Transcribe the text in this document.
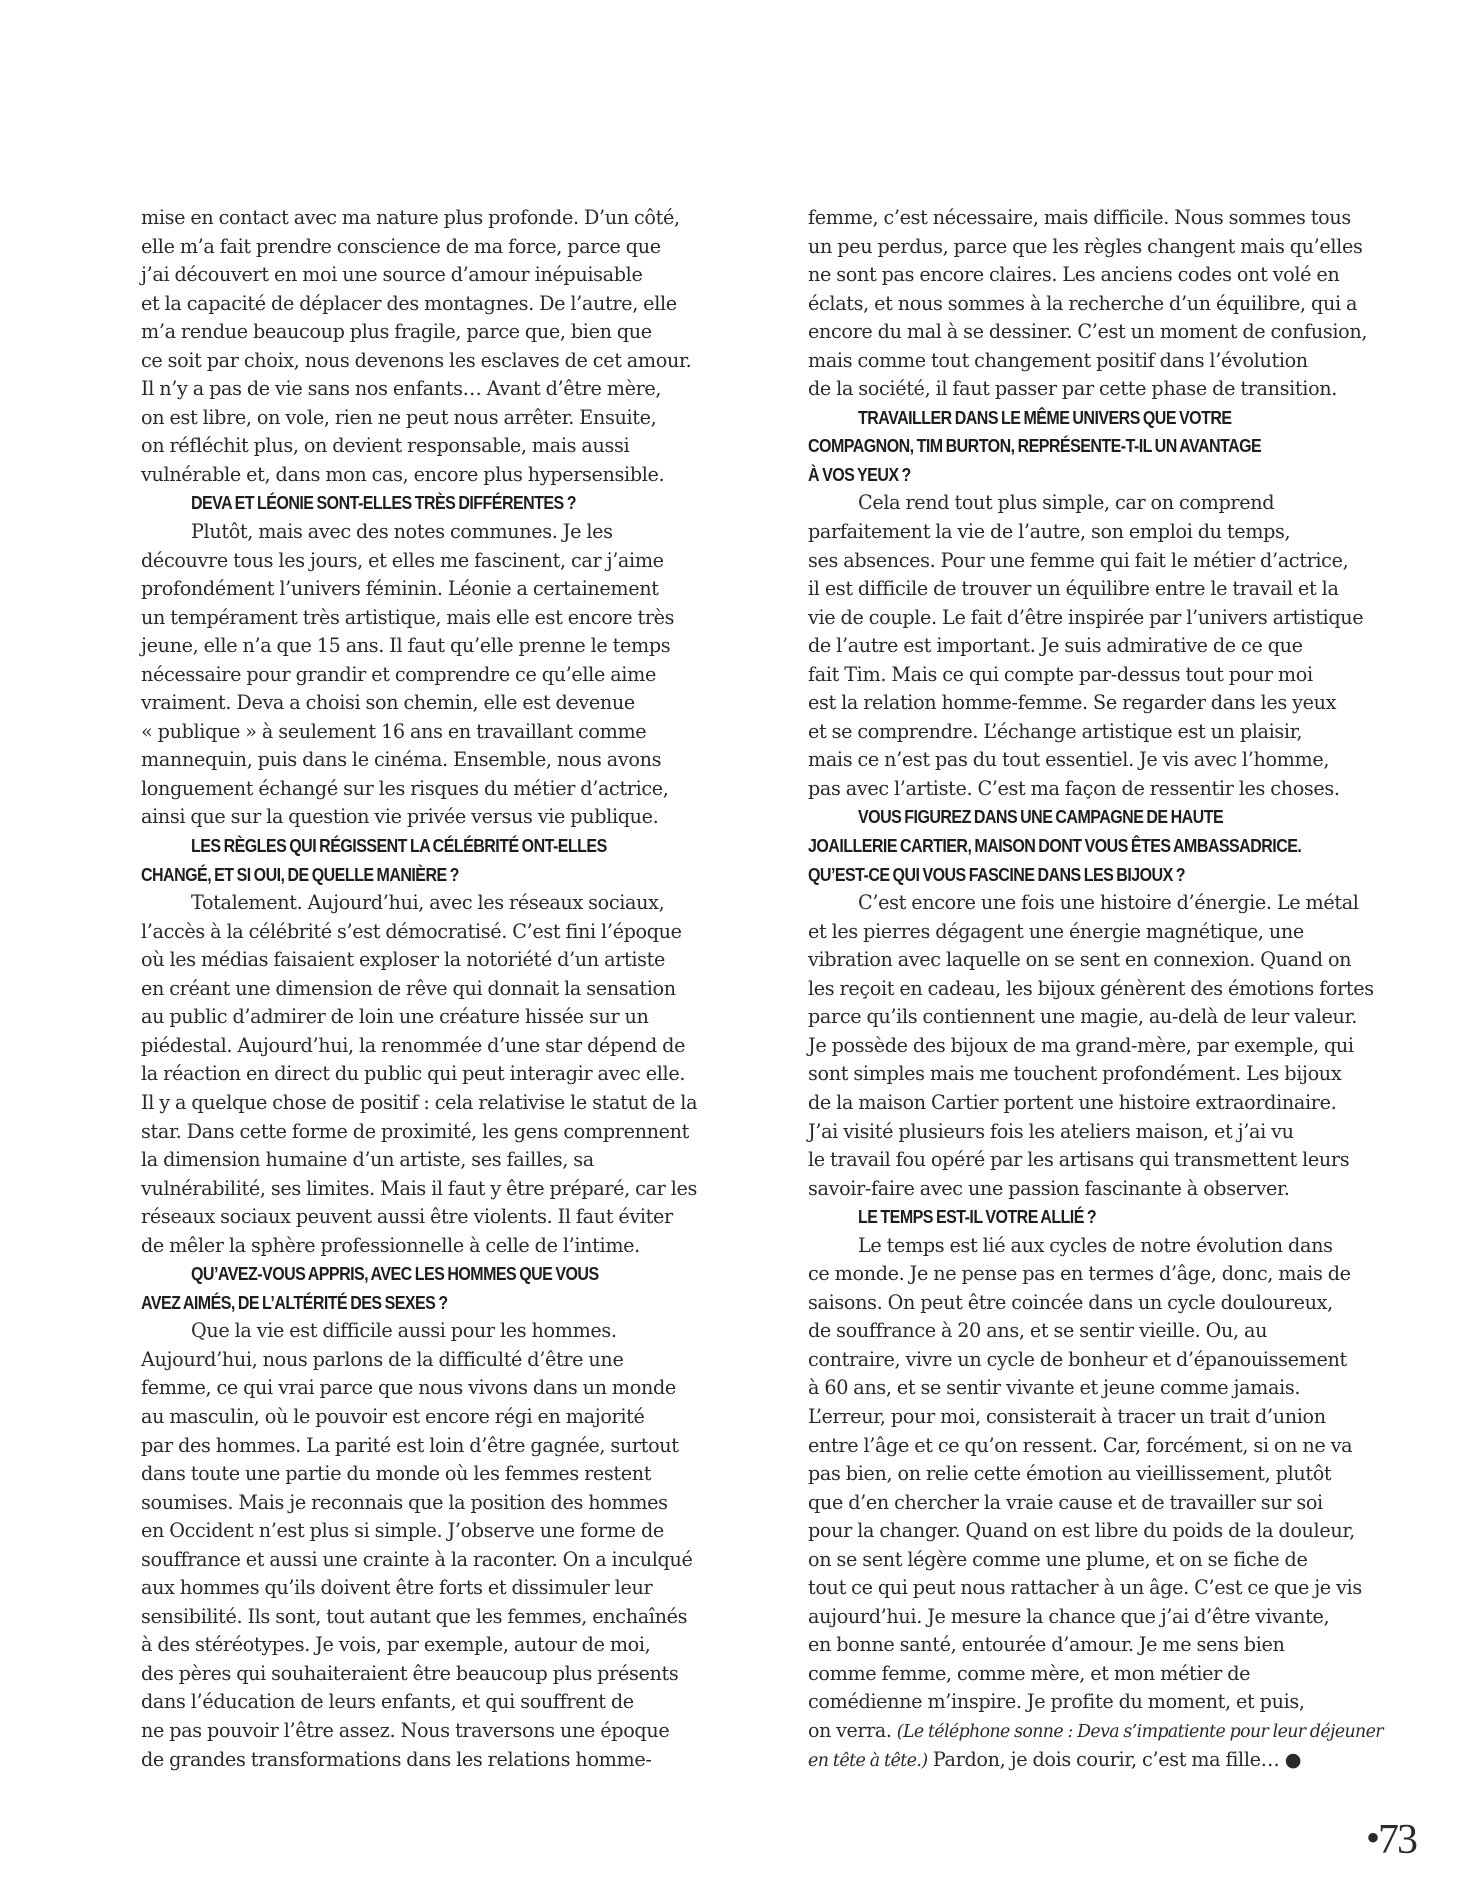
mise en contact avec ma nature plus profonde. D’un côté,
elle m’a fait prendre conscience de ma force, parce que
j’ai découvert en moi une source d’amour inépuisable
et la capacité de déplacer des montagnes. De l’autre, elle
m’a rendue beaucoup plus fragile, parce que, bien que
ce soit par choix, nous devenons les esclaves de cet amour.
Il n’y a pas de vie sans nos enfants… Avant d’être mère,
on est libre, on vole, rien ne peut nous arrêter. Ensuite,
on réfléchit plus, on devient responsable, mais aussi
vulnérable et, dans mon cas, encore plus hypersensible.
DEVA ET LÉONIE SONT-ELLES TRÈS DIFFÉRENTES ?
Plutôt, mais avec des notes communes. Je les
découvre tous les jours, et elles me fascinent, car j’aime
profondément l’univers féminin. Léonie a certainement
un tempérament très artistique, mais elle est encore très
jeune, elle n’a que 15 ans. Il faut qu’elle prenne le temps
nécessaire pour grandir et comprendre ce qu’elle aime
vraiment. Deva a choisi son chemin, elle est devenue
« publique » à seulement 16 ans en travaillant comme
mannequin, puis dans le cinéma. Ensemble, nous avons
longuement échangé sur les risques du métier d’actrice,
ainsi que sur la question vie privée versus vie publique.
LES RÈGLES QUI RÉGISSENT LA CÉLÉBRITÉ ONT-ELLES
CHANGÉ, ET SI OUI, DE QUELLE MANIÈRE ?
Totalement. Aujourd’hui, avec les réseaux sociaux,
l’accès à la célébrité s’est démocratisé. C’est fini l’époque
où les médias faisaient exploser la notoriété d’un artiste
en créant une dimension de rêve qui donnait la sensation
au public d’admirer de loin une créature hissée sur un
piédestal. Aujourd’hui, la renommée d’une star dépend de
la réaction en direct du public qui peut interagir avec elle.
Il y a quelque chose de positif : cela relativise le statut de la
star. Dans cette forme de proximité, les gens comprennent
la dimension humaine d’un artiste, ses failles, sa
vulnérabilité, ses limites. Mais il faut y être préparé, car les
réseaux sociaux peuvent aussi être violents. Il faut éviter
de mêler la sphère professionnelle à celle de l’intime.
QU’AVEZ-VOUS APPRIS, AVEC LES HOMMES QUE VOUS
AVEZ AIMÉS, DE L’ALTÉRITÉ DES SEXES ?
Que la vie est difficile aussi pour les hommes.
Aujourd’hui, nous parlons de la difficulté d’être une
femme, ce qui vrai parce que nous vivons dans un monde
au masculin, où le pouvoir est encore régi en majorité
par des hommes. La parité est loin d’être gagnée, surtout
dans toute une partie du monde où les femmes restent
soumises. Mais je reconnais que la position des hommes
en Occident n’est plus si simple. J’observe une forme de
souffrance et aussi une crainte à la raconter. On a inculqué
aux hommes qu’ils doivent être forts et dissimuler leur
sensibilité. Ils sont, tout autant que les femmes, enchaînés
à des stéréotypes. Je vois, par exemple, autour de moi,
des pères qui souhaiteraient être beaucoup plus présents
dans l’éducation de leurs enfants, et qui souffrent de
ne pas pouvoir l’être assez. Nous traversons une époque
de grandes transformations dans les relations homme-
femme, c’est nécessaire, mais difficile. Nous sommes tous
un peu perdus, parce que les règles changent mais qu’elles
ne sont pas encore claires. Les anciens codes ont volé en
éclats, et nous sommes à la recherche d’un équilibre, qui a
encore du mal à se dessiner. C’est un moment de confusion,
mais comme tout changement positif dans l’évolution
de la société, il faut passer par cette phase de transition.
TRAVAILLER DANS LE MÊME UNIVERS QUE VOTRE
COMPAGNON, TIM BURTON, REPRÉSENTE-T-IL UN AVANTAGE
À VOS YEUX ?
Cela rend tout plus simple, car on comprend
parfaitement la vie de l’autre, son emploi du temps,
ses absences. Pour une femme qui fait le métier d’actrice,
il est difficile de trouver un équilibre entre le travail et la
vie de couple. Le fait d’être inspirée par l’univers artistique
de l’autre est important. Je suis admirative de ce que
fait Tim. Mais ce qui compte par-dessus tout pour moi
est la relation homme-femme. Se regarder dans les yeux
et se comprendre. L’échange artistique est un plaisir,
mais ce n’est pas du tout essentiel. Je vis avec l’homme,
pas avec l’artiste. C’est ma façon de ressentir les choses.
VOUS FIGUREZ DANS UNE CAMPAGNE DE HAUTE
JOAILLERIE CARTIER, MAISON DONT VOUS ÊTES AMBASSADRICE.
QU’EST-CE QUI VOUS FASCINE DANS LES BIJOUX ?
C’est encore une fois une histoire d’énergie. Le métal
et les pierres dégagent une énergie magnétique, une
vibration avec laquelle on se sent en connexion. Quand on
les reçoit en cadeau, les bijoux génèrent des émotions fortes
parce qu’ils contiennent une magie, au-delà de leur valeur.
Je possède des bijoux de ma grand-mère, par exemple, qui
sont simples mais me touchent profondément. Les bijoux
de la maison Cartier portent une histoire extraordinaire.
J’ai visité plusieurs fois les ateliers maison, et j’ai vu
le travail fou opéré par les artisans qui transmettent leurs
savoir-faire avec une passion fascinante à observer.
LE TEMPS EST-IL VOTRE ALLIÉ ?
Le temps est lié aux cycles de notre évolution dans
ce monde. Je ne pense pas en termes d’âge, donc, mais de
saisons. On peut être coincée dans un cycle douloureux,
de souffrance à 20 ans, et se sentir vieille. Ou, au
contraire, vivre un cycle de bonheur et d’épanouissement
à 60 ans, et se sentir vivante et jeune comme jamais.
L’erreur, pour moi, consisterait à tracer un trait d’union
entre l’âge et ce qu’on ressent. Car, forcément, si on ne va
pas bien, on relie cette émotion au vieillissement, plutôt
que d’en chercher la vraie cause et de travailler sur soi
pour la changer. Quand on est libre du poids de la douleur,
on se sent légère comme une plume, et on se fiche de
tout ce qui peut nous rattacher à un âge. C’est ce que je vis
aujourd’hui. Je mesure la chance que j’ai d’être vivante,
en bonne santé, entourée d’amour. Je me sens bien
comme femme, comme mère, et mon métier de
comédienne m’inspire. Je profite du moment, et puis,
on verra. (Le téléphone sonne : Deva s’impatiente pour leur déjeuner
en tête à tête.) Pardon, je dois courir, c’est ma fille… ●
•73
